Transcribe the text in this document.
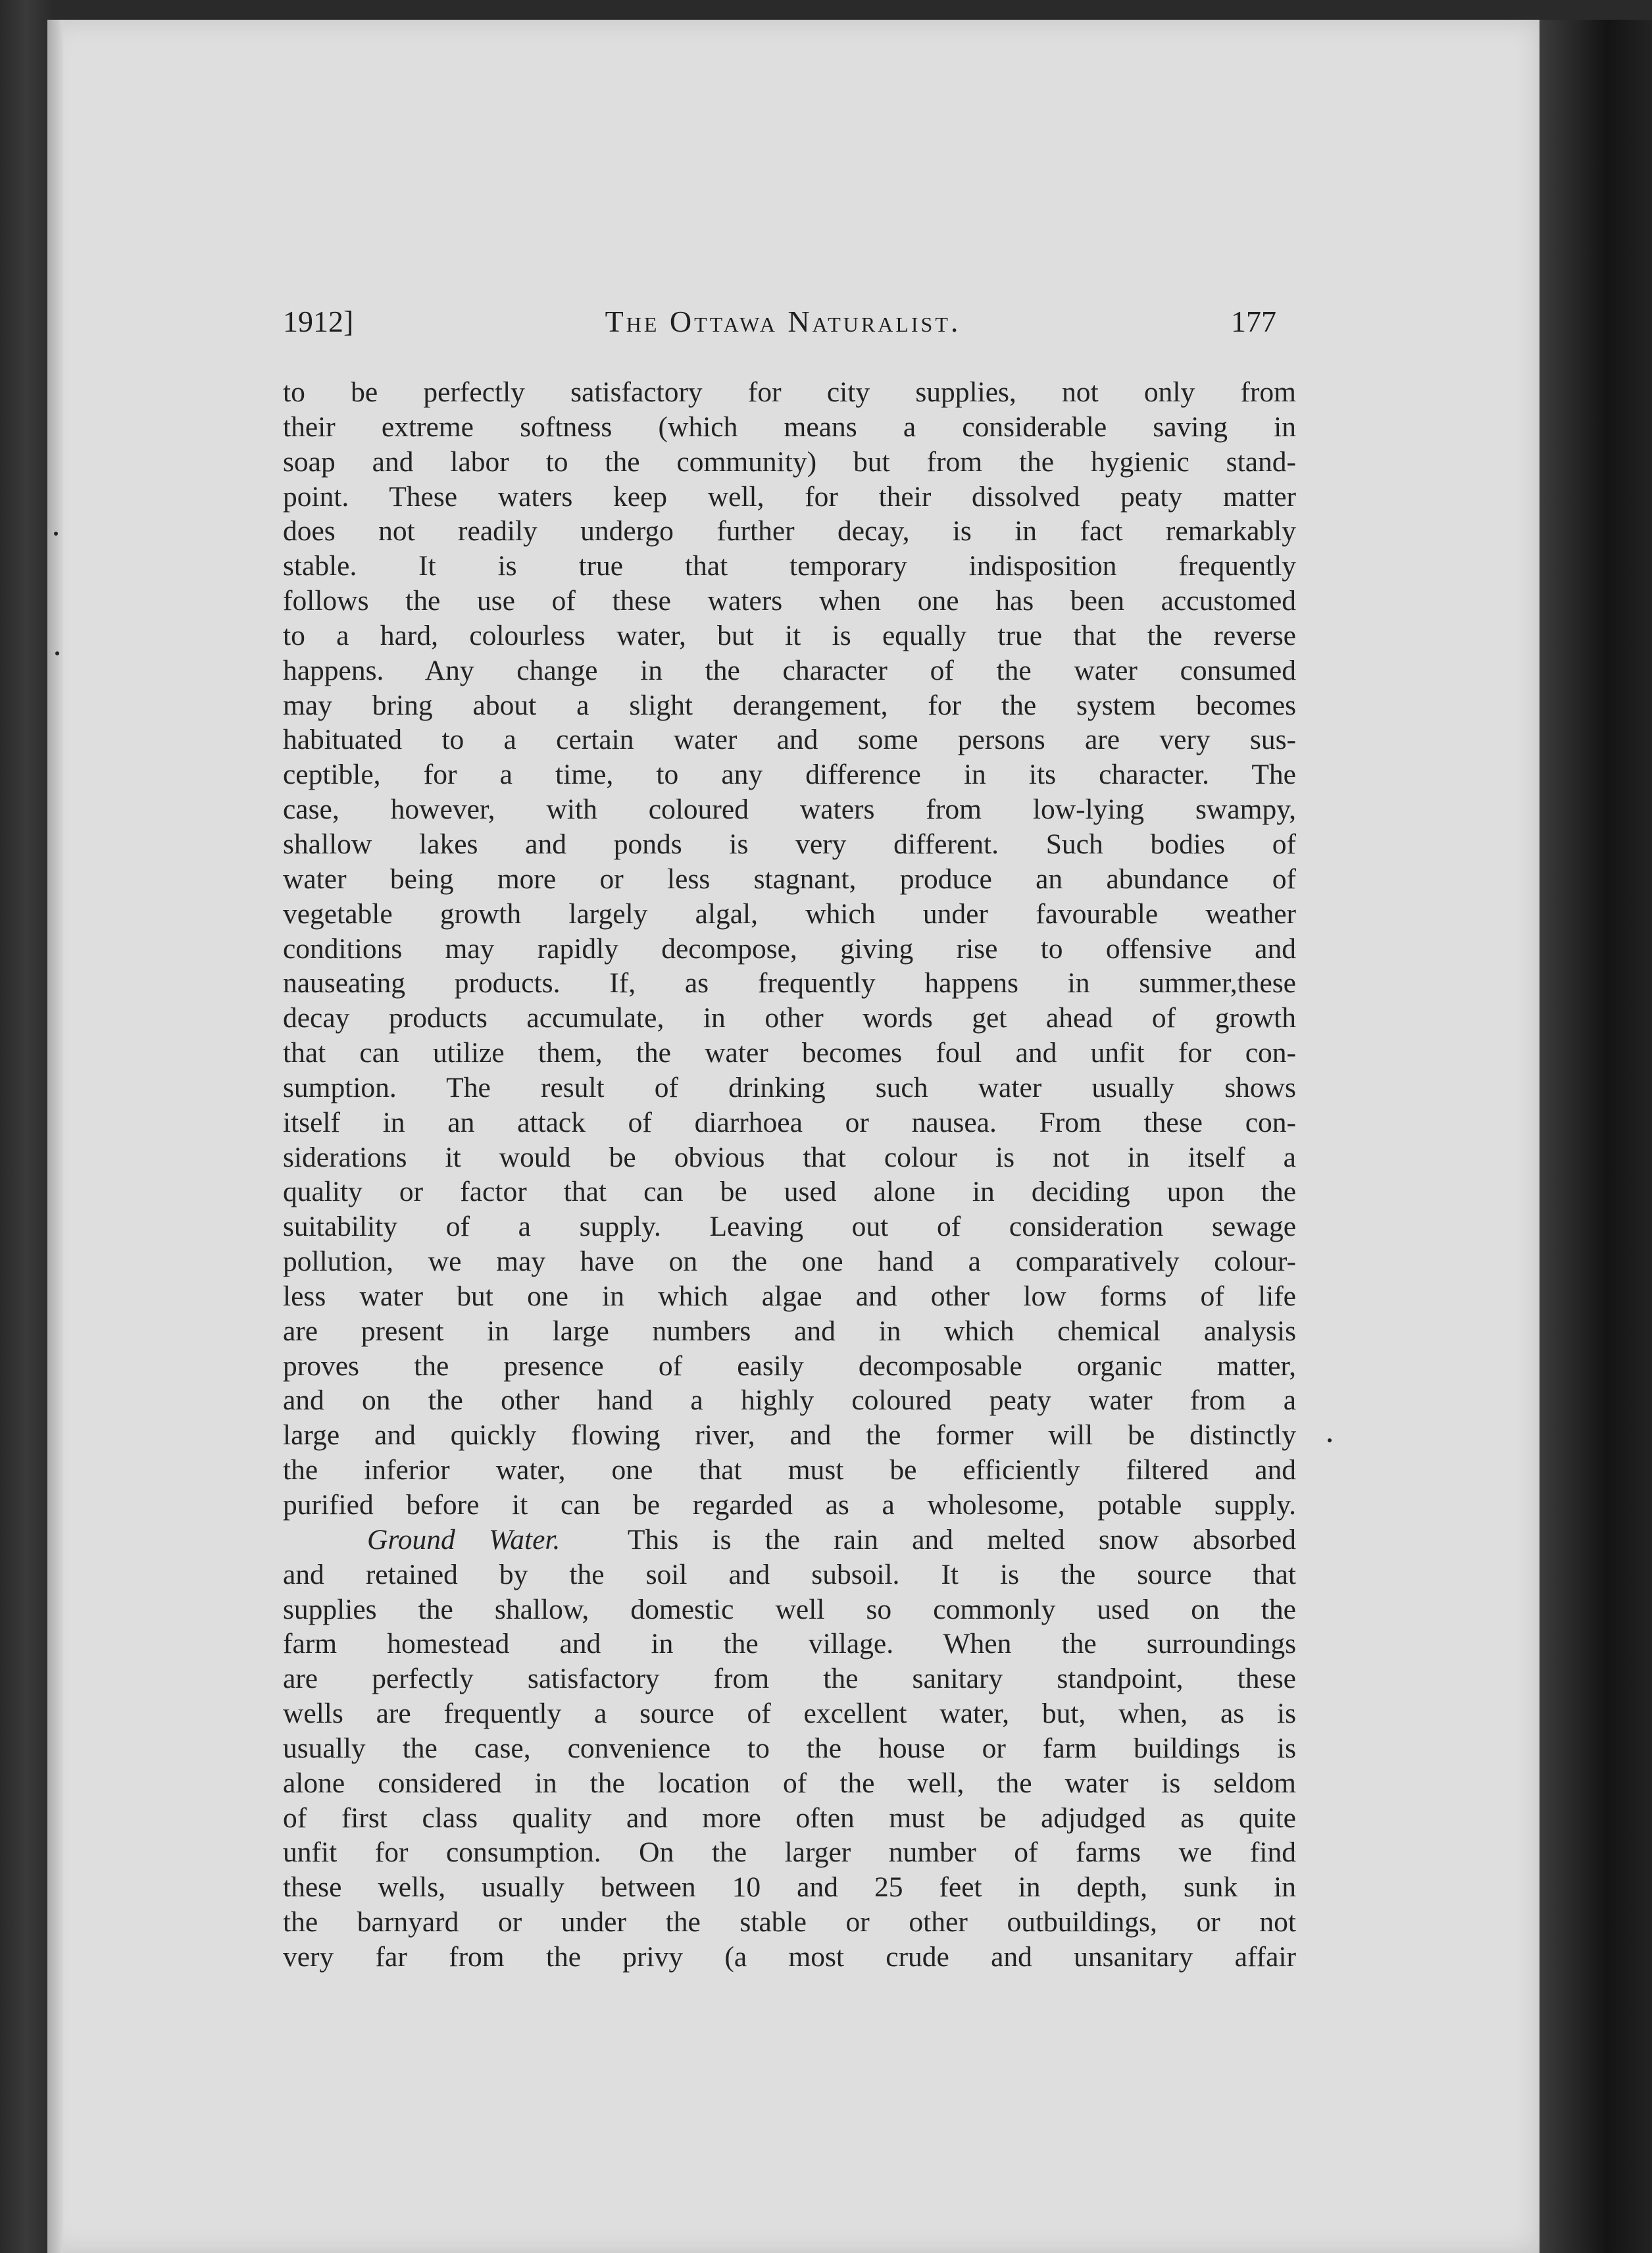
1912]	The Ottawa Naturalist.	177
to be perfectly satisfactory for city supplies, not only from
their extreme softness (which means a considerable saving in
soap and labor to the community) but from the hygienic stand-
point. These waters keep well, for their dissolved peaty matter
does not readily undergo further decay, is in fact remarkably
stable. It is true that temporary indisposition frequently
follows the use of these waters when one has been accustomed
to a hard, colourless water, but it is equally true that the reverse
happens. Any change in the character of the water consumed
may bring about a slight derangement, for the system becomes
habituated to a certain water and some persons are very sus-
ceptible, for a time, to any difference in its character. The
case, however, with coloured waters from low-lying swampy,
shallow lakes and ponds is very different. Such bodies of
water being more or less stagnant, produce an abundance of
vegetable growth largely algal, which under favourable weather
conditions may rapidly decompose, giving rise to offensive and
nauseating products. If, as frequently happens in summer,these
decay products accumulate, in other words get ahead of growth
that can utilize them, the water becomes foul and unfit for con-
sumption. The result of drinking such water usually shows
itself in an attack of diarrhoea or nausea. From these con-
siderations it would be obvious that colour is not in itself a
quality or factor that can be used alone in deciding upon the
suitability of a supply. Leaving out of consideration sewage
pollution, we may have on the one hand a comparatively colour-
less water but one in which algae and other low forms of life
are present in large numbers and in which chemical analysis
proves the presence of easily decomposable organic matter,
and on the other hand a highly coloured peaty water from a
large and quickly flowing river, and the former will be distinctly
the inferior water, one that must be efficiently filtered and
purified before it can be regarded as a wholesome, potable supply.
Ground Water. This is the rain and melted snow absorbed
and retained by the soil and subsoil. It is the source that
supplies the shallow, domestic well so commonly used on the
farm homestead and in the village. When the surroundings
are perfectly satisfactory from the sanitary standpoint, these
wells are frequently a source of excellent water, but, when, as is
usually the case, convenience to the house or farm buildings is
alone considered in the location of the well, the water is seldom
of first class quality and more often must be adjudged as quite
unfit for consumption. On the larger number of farms we find
these wells, usually between 10 and 25 feet in depth, sunk in
the barnyard or under the stable or other outbuildings, or not
very far from the privy (a most crude and unsanitary affair
